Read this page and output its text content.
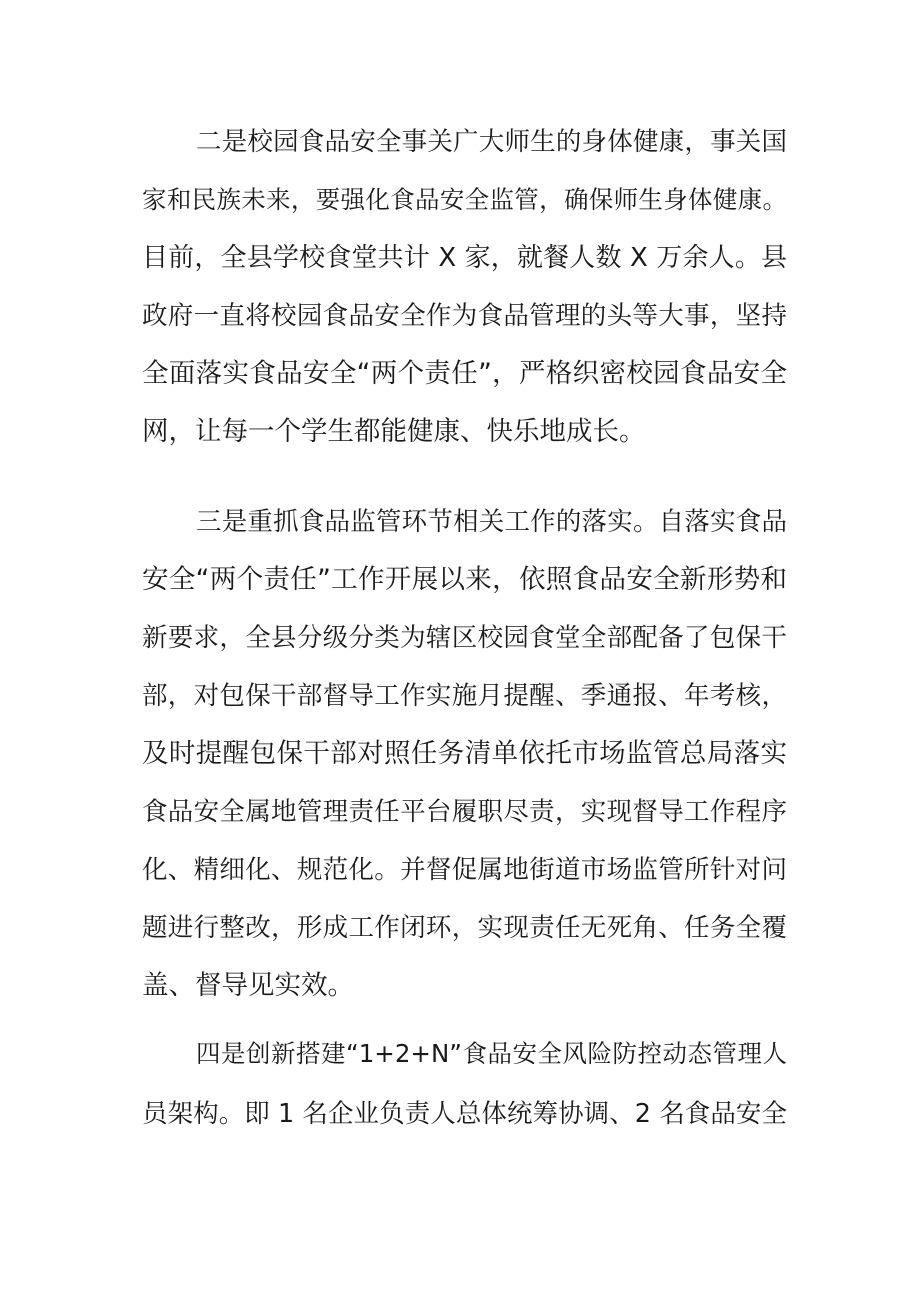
二是校园食品安全事关广大师生的身体健康，事关国
家和民族未来，要强化食品安全监管，确保师生身体健康。
目前，全县学校食堂共计 X 家，就餐人数 X 万余人。县
政府一直将校园食品安全作为食品管理的头等大事，坚持
全面落实食品安全“两个责任”，严格织密校园食品安全
网，让每一个学生都能健康、快乐地成长。
三是重抓食品监管环节相关工作的落实。自落实食品
安全“两个责任”工作开展以来，依照食品安全新形势和
新要求，全县分级分类为辖区校园食堂全部配备了包保干
部，对包保干部督导工作实施月提醒、季通报、年考核，
及时提醒包保干部对照任务清单依托市场监管总局落实
食品安全属地管理责任平台履职尽责，实现督导工作程序
化、精细化、规范化。并督促属地街道市场监管所针对问
题进行整改，形成工作闭环，实现责任无死角、任务全覆
盖、督导见实效。
四是创新搭建“1+2+N”食品安全风险防控动态管理人
员架构。即 1 名企业负责人总体统筹协调、2 名食品安全
